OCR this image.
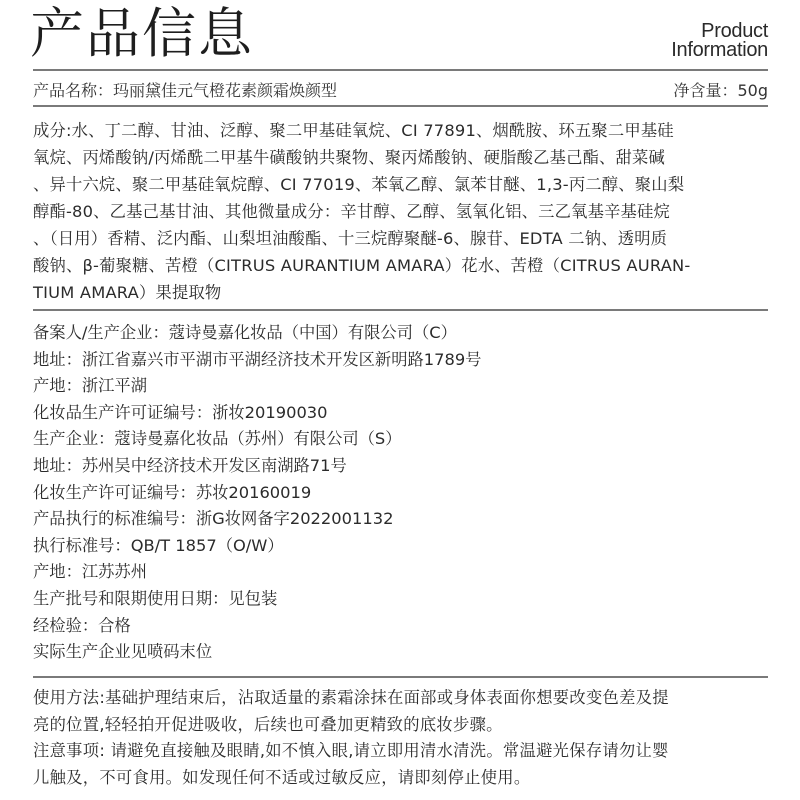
产品信息	Product
Information
产品名称：玛丽黛佳元气橙花素颜霜焕颜型	净含量：50g

成分:水、丁二醇、甘油、泛醇、聚二甲基硅氧烷、CI 77891、烟酰胺、环五聚二甲基硅

氧烷、丙烯酸钠/丙烯酰二甲基牛磺酸钠共聚物、聚丙烯酸钠、硬脂酸乙基己酯、甜菜碱

、异十六烷、聚二甲基硅氧烷醇、CI 77019、苯氧乙醇、氯苯甘醚、1,3-丙二醇、聚山梨

醇酯-80、乙基己基甘油、其他微量成分：辛甘醇、乙醇、氢氧化铝、三乙氧基辛基硅烷

、（日用）香精、泛内酯、山梨坦油酸酯、十三烷醇聚醚-6、腺苷、EDTA 二钠、透明质

酸钠、β-葡聚糖、苦橙（CITRUS AURANTIUM AMARA）花水、苦橙（CITRUS AURAN-

TIUM AMARA）果提取物

备案人/生产企业：蔻诗曼嘉化妆品（中国）有限公司（C）

地址：浙江省嘉兴市平湖市平湖经济技术开发区新明路1789号

产地：浙江平湖

化妆品生产许可证编号：浙妆20190030

生产企业：蔻诗曼嘉化妆品（苏州）有限公司（S）

地址：苏州吴中经济技术开发区南湖路71号

化妆生产许可证编号：苏妆20160019

产品执行的标准编号：浙G妆网备字2022001132

执行标准号：QB/T 1857（O/W）

产地：江苏苏州

生产批号和限期使用日期：见包装

经检验：合格

实际生产企业见喷码末位

使用方法:基础护理结束后，沾取适量的素霜涂抹在面部或身体表面你想要改变色差及提

亮的位置,轻轻拍开促进吸收，后续也可叠加更精致的底妆步骤。

注意事项: 请避免直接触及眼睛,如不慎入眼,请立即用清水清洗。常温避光保存请勿让婴

儿触及，不可食用。如发现任何不适或过敏反应，请即刻停止使用。
